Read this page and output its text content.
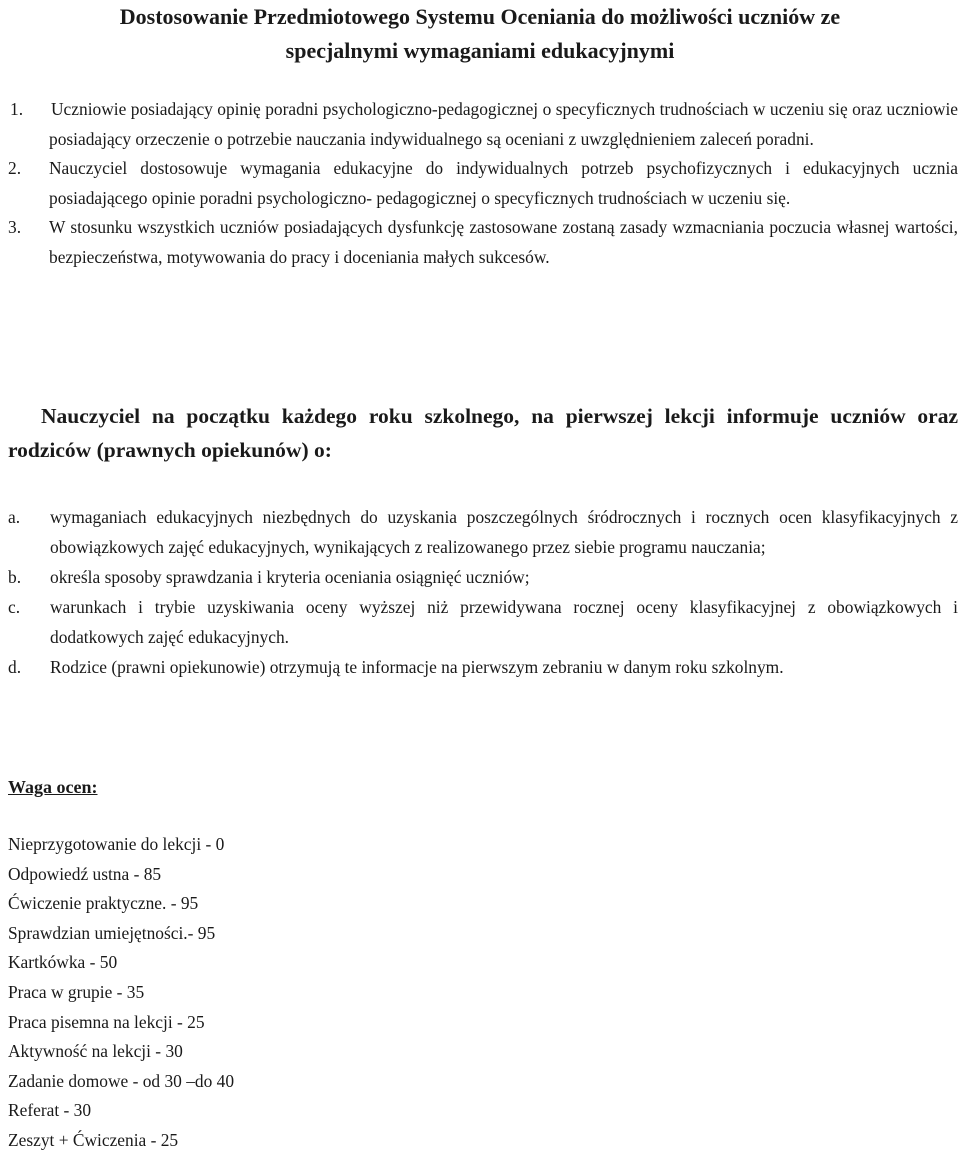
Dostosowanie Przedmiotowego Systemu Oceniania do możliwości uczniów ze
specjalnymi wymaganiami edukacyjnymi
1. Uczniowie posiadający opinię poradni psychologiczno-pedagogicznej o specyficznych trudnościach w uczeniu się oraz uczniowie posiadający orzeczenie o potrzebie nauczania indywidualnego są oceniani z uwzględnieniem zaleceń poradni.
2. Nauczyciel dostosowuje wymagania edukacyjne do indywidualnych potrzeb psychofizycznych i edukacyjnych ucznia posiadającego opinie poradni psychologiczno- pedagogicznej o specyficznych trudnościach w uczeniu się.
3. W stosunku wszystkich uczniów posiadających dysfunkcję zastosowane zostaną zasady wzmacniania poczucia własnej wartości, bezpieczeństwa, motywowania do pracy i doceniania małych sukcesów.

Nauczyciel na początku każdego roku szkolnego, na pierwszej lekcji informuje uczniów oraz rodziców (prawnych opiekunów) o:

a. wymaganiach edukacyjnych niezbędnych do uzyskania poszczególnych śródrocznych i rocznych ocen klasyfikacyjnych z obowiązkowych zajęć edukacyjnych, wynikających z realizowanego przez siebie programu nauczania;
b. określa sposoby sprawdzania i kryteria oceniania osiągnięć uczniów;
c. warunkach i trybie uzyskiwania oceny wyższej niż przewidywana rocznej oceny klasyfikacyjnej z obowiązkowych i dodatkowych zajęć edukacyjnych.
d. Rodzice (prawni opiekunowie) otrzymują te informacje na pierwszym zebraniu w danym roku szkolnym.
Waga ocen:
Nieprzygotowanie do lekcji - 0
Odpowiedź ustna - 85
Ćwiczenie praktyczne. - 95
Sprawdzian umiejętności.- 95
Kartkówka - 50
Praca w grupie - 35
Praca pisemna na lekcji - 25
Aktywność na lekcji - 30
Zadanie domowe - od 30 –do 40
Referat - 30
Zeszyt + Ćwiczenia - 25
